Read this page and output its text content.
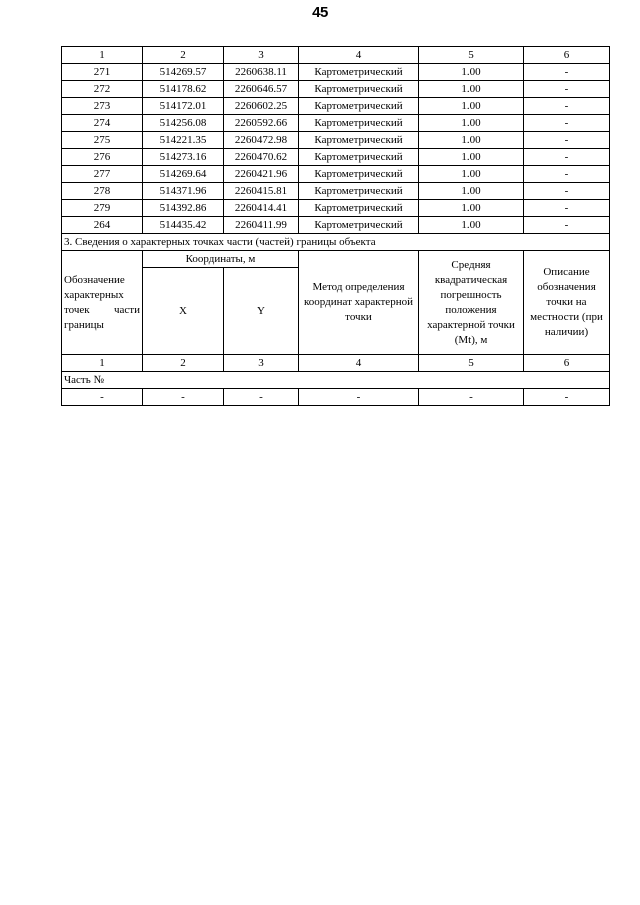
45
1	2	3	4	5	6
271	514269.57	2260638.11	Картометрический	1.00	-
272	514178.62	2260646.57	Картометрический	1.00	-
273	514172.01	2260602.25	Картометрический	1.00	-
274	514256.08	2260592.66	Картометрический	1.00	-
275	514221.35	2260472.98	Картометрический	1.00	-
276	514273.16	2260470.62	Картометрический	1.00	-
277	514269.64	2260421.96	Картометрический	1.00	-
278	514371.96	2260415.81	Картометрический	1.00	-
279	514392.86	2260414.41	Картометрический	1.00	-
264	514435.42	2260411.99	Картометрический	1.00	-
3. Сведения о характерных точках части (частей) границы объекта					
Обозначение характерных точек части границы	Координаты, м		Метод определения координат характерной точки	Средняя квадратическая погрешность положения характерной точки (Mt), м	Описание обозначения точки на местности (при наличии)
	X	Y			
1	2	3	4	5	6
Часть №					
-	-	-	-	-	-
